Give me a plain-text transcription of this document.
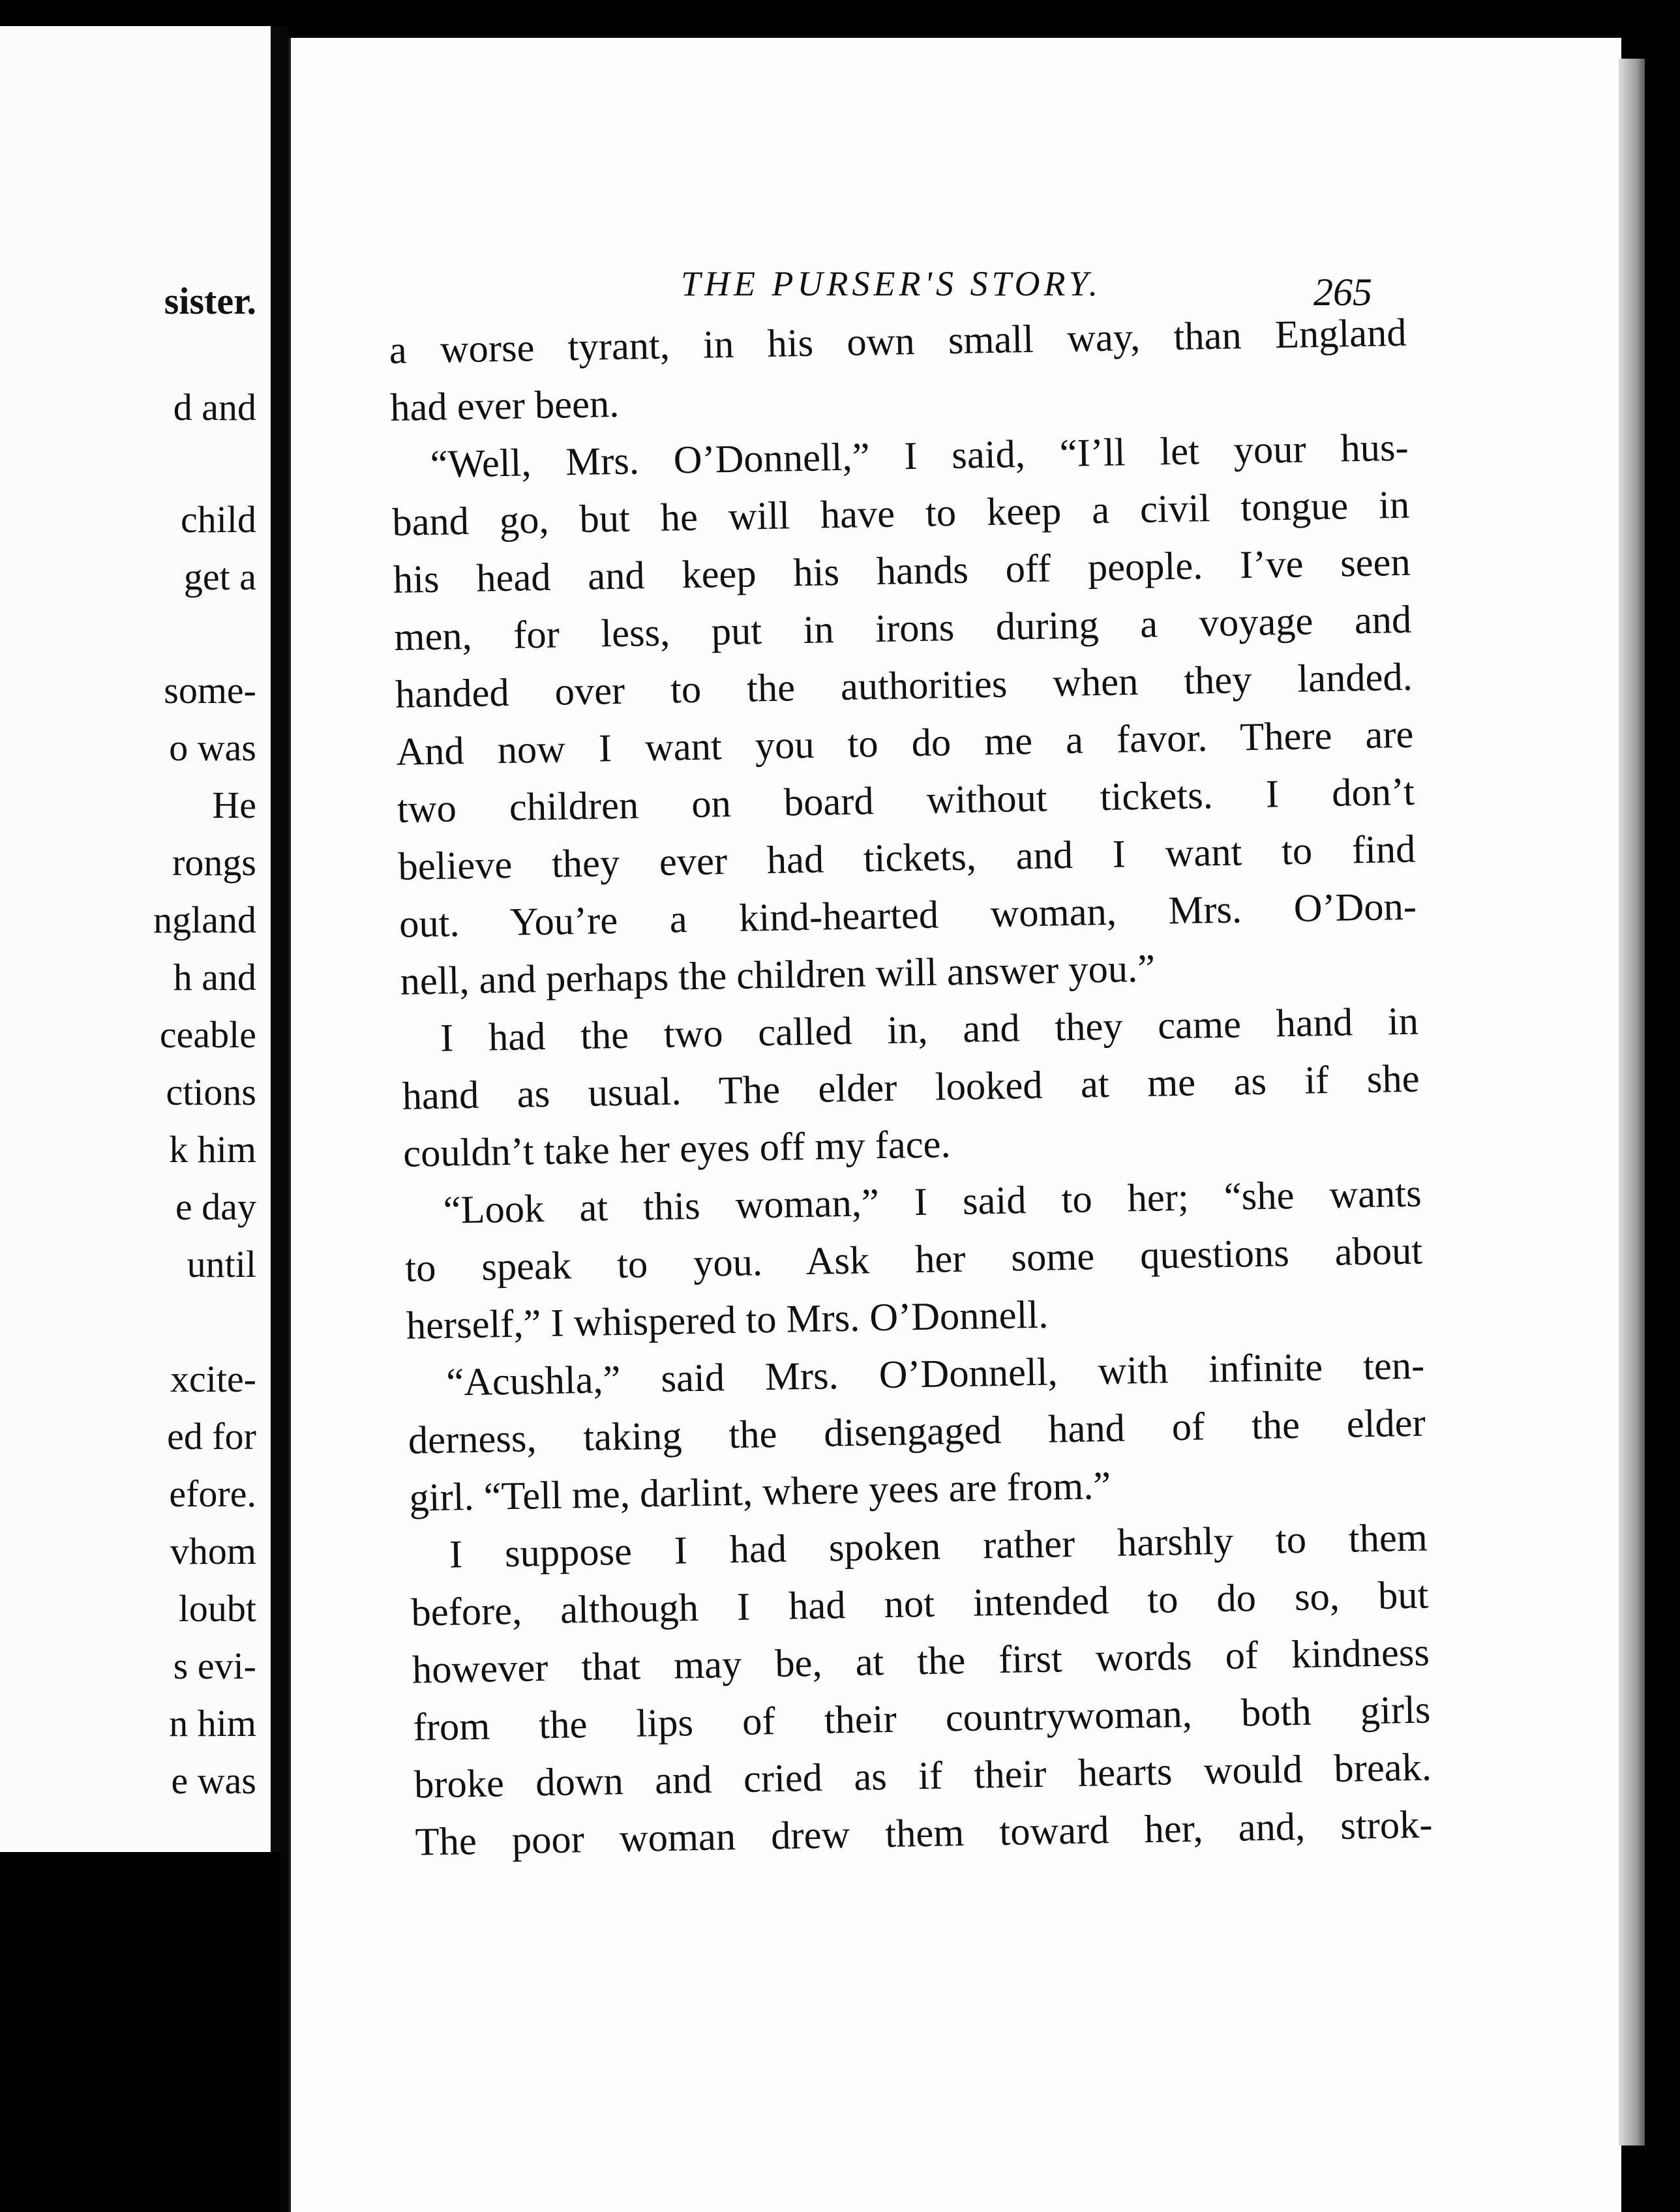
sister.
d and
child
get a
some-
o was
He
rongs
ngland
h and
ceable
ctions
k him
e day
until
xcite-
ed for
efore.
vhom
loubt
s evi-
n him
e was
THE PURSER'S STORY.	265
a worse tyrant, in his own small way, than England
had ever been.
“Well, Mrs. O’Donnell,” I said, “I’ll let your hus-
band go, but he will have to keep a civil tongue in
his head and keep his hands off people. I’ve seen
men, for less, put in irons during a voyage and
handed over to the authorities when they landed.
And now I want you to do me a favor. There are
two children on board without tickets. I don’t
believe they ever had tickets, and I want to find
out. You’re a kind-hearted woman, Mrs. O’Don-
nell, and perhaps the children will answer you.”
I had the two called in, and they came hand in
hand as usual. The elder looked at me as if she
couldn’t take her eyes off my face.
“Look at this woman,” I said to her; “she wants
to speak to you. Ask her some questions about
herself,” I whispered to Mrs. O’Donnell.
“Acushla,” said Mrs. O’Donnell, with infinite ten-
derness, taking the disengaged hand of the elder
girl. “Tell me, darlint, where yees are from.”
I suppose I had spoken rather harshly to them
before, although I had not intended to do so, but
however that may be, at the first words of kindness
from the lips of their countrywoman, both girls
broke down and cried as if their hearts would break.
The poor woman drew them toward her, and, strok-
